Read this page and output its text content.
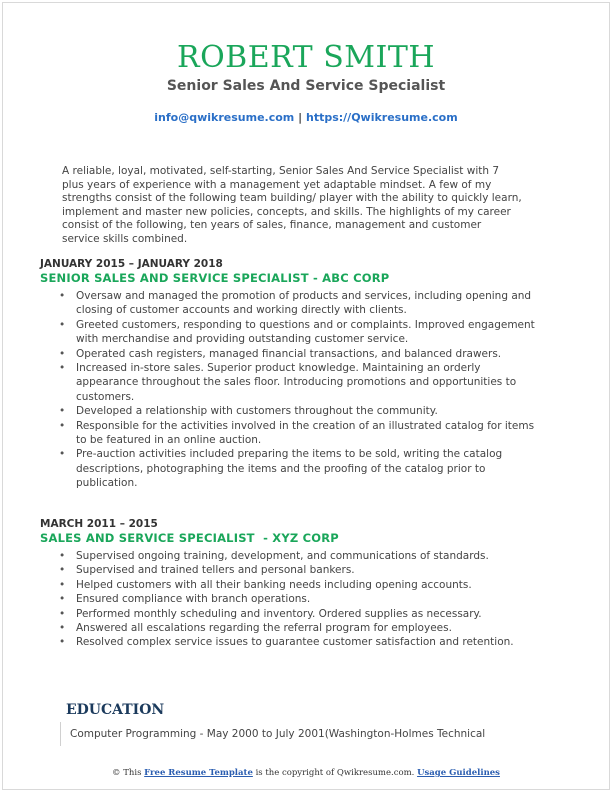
ROBERT SMITH
Senior Sales And Service Specialist
info@qwikresume.com | https://Qwikresume.com
A reliable, loyal, motivated, self-starting, Senior Sales And Service Specialist with 7 plus years of experience with a management yet adaptable mindset. A few of my strengths consist of the following team building/ player with the ability to quickly learn, implement and master new policies, concepts, and skills. The highlights of my career consist of the following, ten years of sales, finance, management and customer service skills combined.
JANUARY 2015 – JANUARY 2018
SENIOR SALES AND SERVICE SPECIALIST - ABC CORP
• Oversaw and managed the promotion of products and services, including opening and closing of customer accounts and working directly with clients.
• Greeted customers, responding to questions and or complaints. Improved engagement with merchandise and providing outstanding customer service.
• Operated cash registers, managed financial transactions, and balanced drawers.
• Increased in-store sales. Superior product knowledge. Maintaining an orderly appearance throughout the sales floor. Introducing promotions and opportunities to customers.
• Developed a relationship with customers throughout the community.
• Responsible for the activities involved in the creation of an illustrated catalog for items to be featured in an online auction.
• Pre-auction activities included preparing the items to be sold, writing the catalog descriptions, photographing the items and the proofing of the catalog prior to publication.
MARCH 2011 – 2015
SALES AND SERVICE SPECIALIST  - XYZ CORP
• Supervised ongoing training, development, and communications of standards.
• Supervised and trained tellers and personal bankers.
• Helped customers with all their banking needs including opening accounts.
• Ensured compliance with branch operations.
• Performed monthly scheduling and inventory. Ordered supplies as necessary.
• Answered all escalations regarding the referral program for employees.
• Resolved complex service issues to guarantee customer satisfaction and retention.
EDUCATION
Computer Programming - May 2000 to July 2001(Washington-Holmes Technical
© This Free Resume Template is the copyright of Qwikresume.com. Usage Guidelines
